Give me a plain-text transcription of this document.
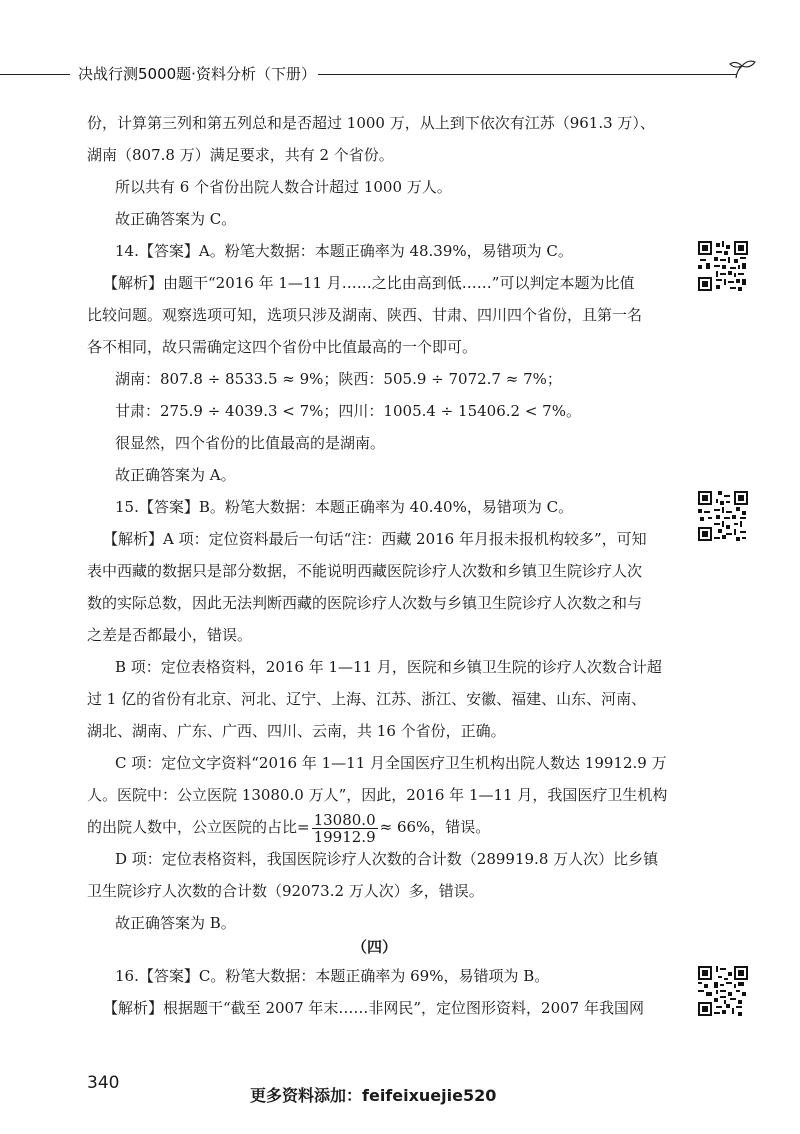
决战行测5000题·资料分析（下册）
份，计算第三列和第五列总和是否超过 1000 万，从上到下依次有江苏（961.3 万）、
湖南（807.8 万）满足要求，共有 2 个省份。
所以共有 6 个省份出院人数合计超过 1000 万人。
故正确答案为 C。
14.【答案】A。粉笔大数据：本题正确率为 48.39%，易错项为 C。
【解析】由题干“2016 年 1—11 月……之比由高到低……”可以判定本题为比值
比较问题。观察选项可知，选项只涉及湖南、陕西、甘肃、四川四个省份，且第一名
各不相同，故只需确定这四个省份中比值最高的一个即可。
湖南：807.8 ÷ 8533.5 ≈ 9%；陕西：505.9 ÷ 7072.7 ≈ 7%；
甘肃：275.9 ÷ 4039.3 < 7%；四川：1005.4 ÷ 15406.2 < 7%。
很显然，四个省份的比值最高的是湖南。
故正确答案为 A。
15.【答案】B。粉笔大数据：本题正确率为 40.40%，易错项为 C。
【解析】A 项：定位资料最后一句话“注：西藏 2016 年月报未报机构较多”，可知
表中西藏的数据只是部分数据，不能说明西藏医院诊疗人次数和乡镇卫生院诊疗人次
数的实际总数，因此无法判断西藏的医院诊疗人次数与乡镇卫生院诊疗人次数之和与
之差是否都最小，错误。
B 项：定位表格资料，2016 年 1—11 月，医院和乡镇卫生院的诊疗人次数合计超
过 1 亿的省份有北京、河北、辽宁、上海、江苏、浙江、安徽、福建、山东、河南、
湖北、湖南、广东、广西、四川、云南，共 16 个省份，正确。
C 项：定位文字资料“2016 年 1—11 月全国医疗卫生机构出院人数达 19912.9 万
人。医院中：公立医院 13080.0 万人”，因此，2016 年 1—11 月，我国医疗卫生机构
的出院人数中，公立医院的占比= $\frac{13080.0}{19912.9} \approx 66\%$，错误。
D 项：定位表格资料，我国医院诊疗人次数的合计数（289919.8 万人次）比乡镇
卫生院诊疗人次数的合计数（92073.2 万人次）多，错误。
故正确答案为 B。
（四）
16.【答案】C。粉笔大数据：本题正确率为 69%，易错项为 B。
【解析】根据题干“截至 2007 年末……非网民”，定位图形资料，2007 年我国网
340
更多资料添加：feifeixuejie520
